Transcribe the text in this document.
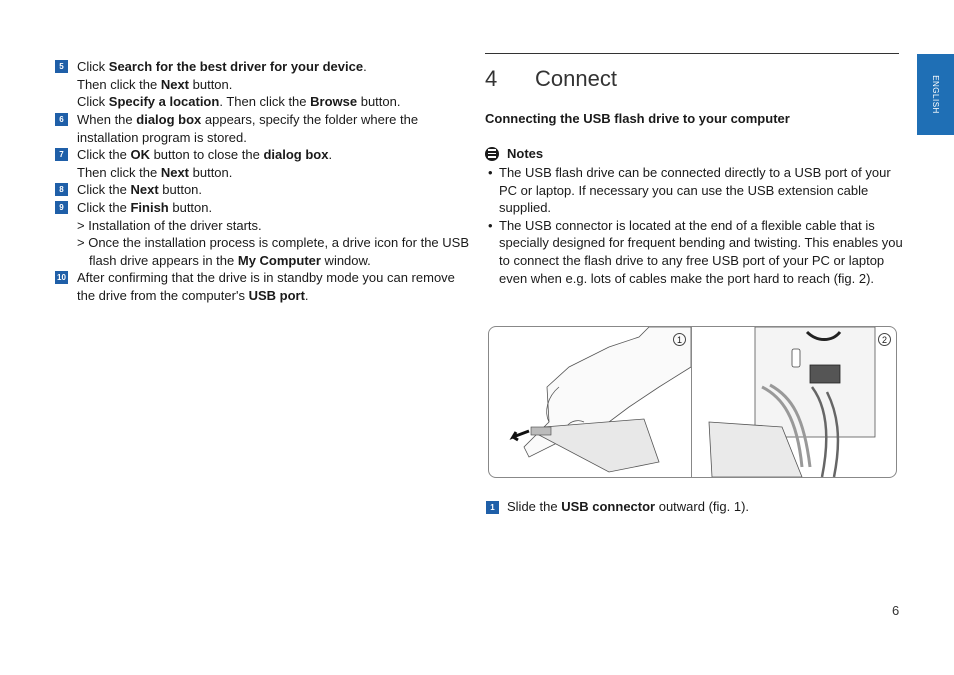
5	Click Search for the best driver for your device.
Then click the Next button.
Click Specify a location. Then click the Browse button.
6	When the dialog box appears, specify the folder where the installation program is stored.
7	Click the OK button to close the dialog box.
Then click the Next button.
8	Click the Next button.
9	Click the Finish button.
> Installation of the driver starts.
> Once the installation process is complete, a drive icon for the USB flash drive appears in the My Computer window.
10 After confirming that the drive is in standby mode you can remove the drive from the computer's USB port.
4 Connect
Connecting the USB flash drive to your computer
Notes
• The USB flash drive can be connected directly to a USB port of your PC or laptop. If necessary you can use the USB extension cable supplied.
• The USB connector is located at the end of a flexible cable that is specially designed for frequent bending and twisting. This enables you to connect the flash drive to any free USB port of your PC or laptop even when e.g. lots of cables make the port hard to reach (fig. 2).
1	2
1 Slide the USB connector outward (fig. 1).
ENGLISH
6
